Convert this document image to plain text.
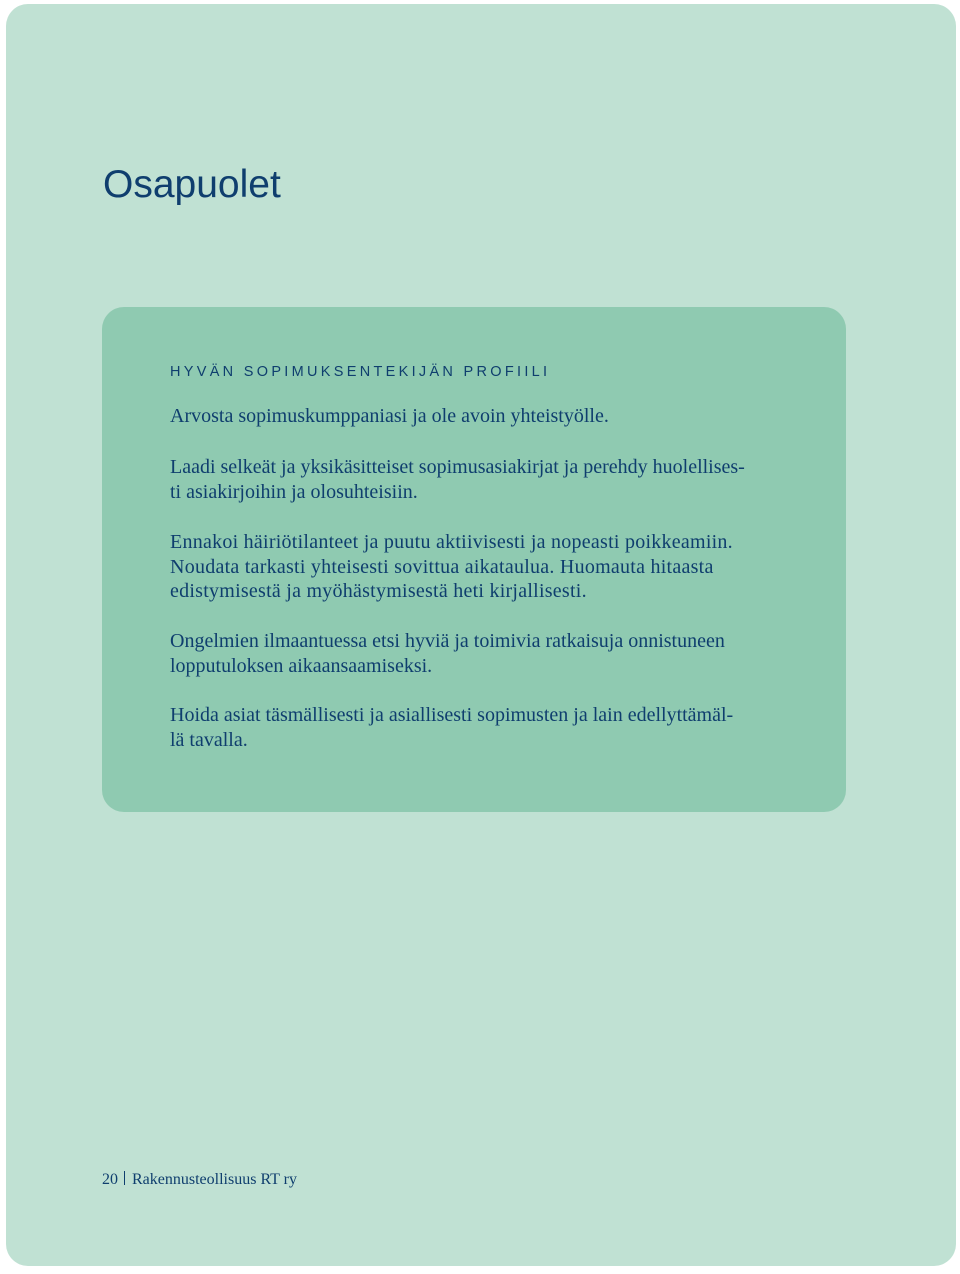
Osapuolet
HYVÄN SOPIMUKSENTEKIJÄN PROFIILI

Arvosta sopimuskumppaniasi ja ole avoin yhteistyölle.

Laadi selkeät ja yksikäsitteiset sopimusasiakirjat ja perehdy huolellises-
ti asiakirjoihin ja olosuhteisiin.

Ennakoi häiriötilanteet ja puutu aktiivisesti ja nopeasti poikkeamiin.
Noudata tarkasti yhteisesti sovittua aikataulua. Huomauta hitaasta
edistymisestä ja myöhästymisestä heti kirjallisesti.

Ongelmien ilmaantuessa etsi hyviä ja toimivia ratkaisuja onnistuneen
lopputuloksen aikaansaamiseksi.

Hoida asiat täsmällisesti ja asiallisesti sopimusten ja lain edellyttämäl-
lä tavalla.

20 Rakennusteollisuus RT ry
